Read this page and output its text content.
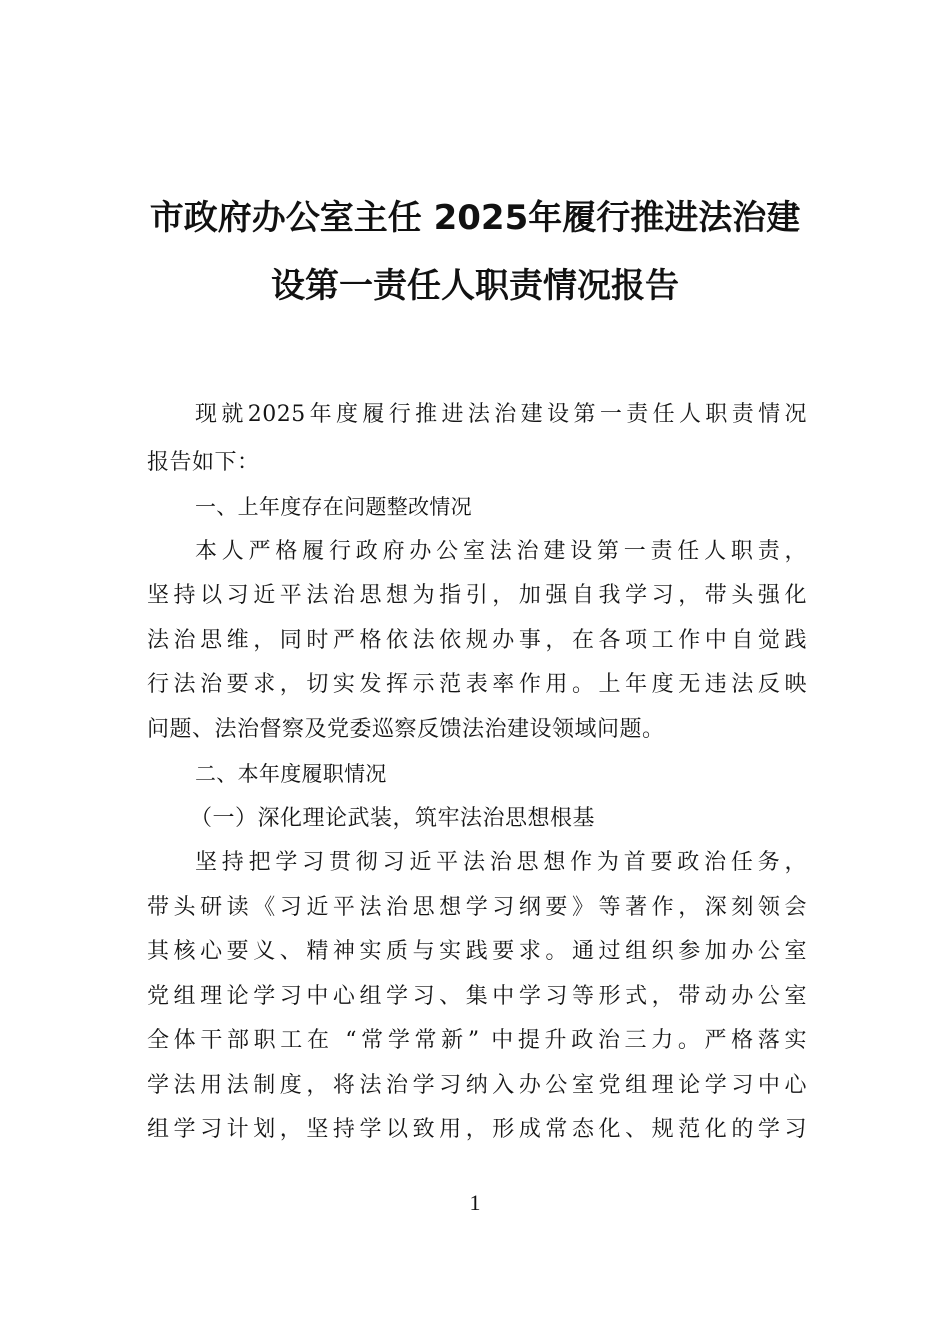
市政府办公室主任 2025年履行推进法治建
设第一责任人职责情况报告
现就2025年度履行推进法治建设第一责任人职责情况
报告如下：
一、上年度存在问题整改情况
本人严格履行政府办公室法治建设第一责任人职责，
坚持以习近平法治思想为指引，加强自我学习，带头强化
法治思维，同时严格依法依规办事，在各项工作中自觉践
行法治要求，切实发挥示范表率作用。上年度无违法反映
问题、法治督察及党委巡察反馈法治建设领域问题。
二、本年度履职情况
（一）深化理论武装，筑牢法治思想根基
坚持把学习贯彻习近平法治思想作为首要政治任务，
带头研读《习近平法治思想学习纲要》等著作，深刻领会
其核心要义、精神实质与实践要求。通过组织参加办公室
党组理论学习中心组学习、集中学习等形式，带动办公室
全体干部职工在 “常学常新” 中提升政治三力。严格落实
学法用法制度，将法治学习纳入办公室党组理论学习中心
组学习计划，坚持学以致用，形成常态化、规范化的学习
1
